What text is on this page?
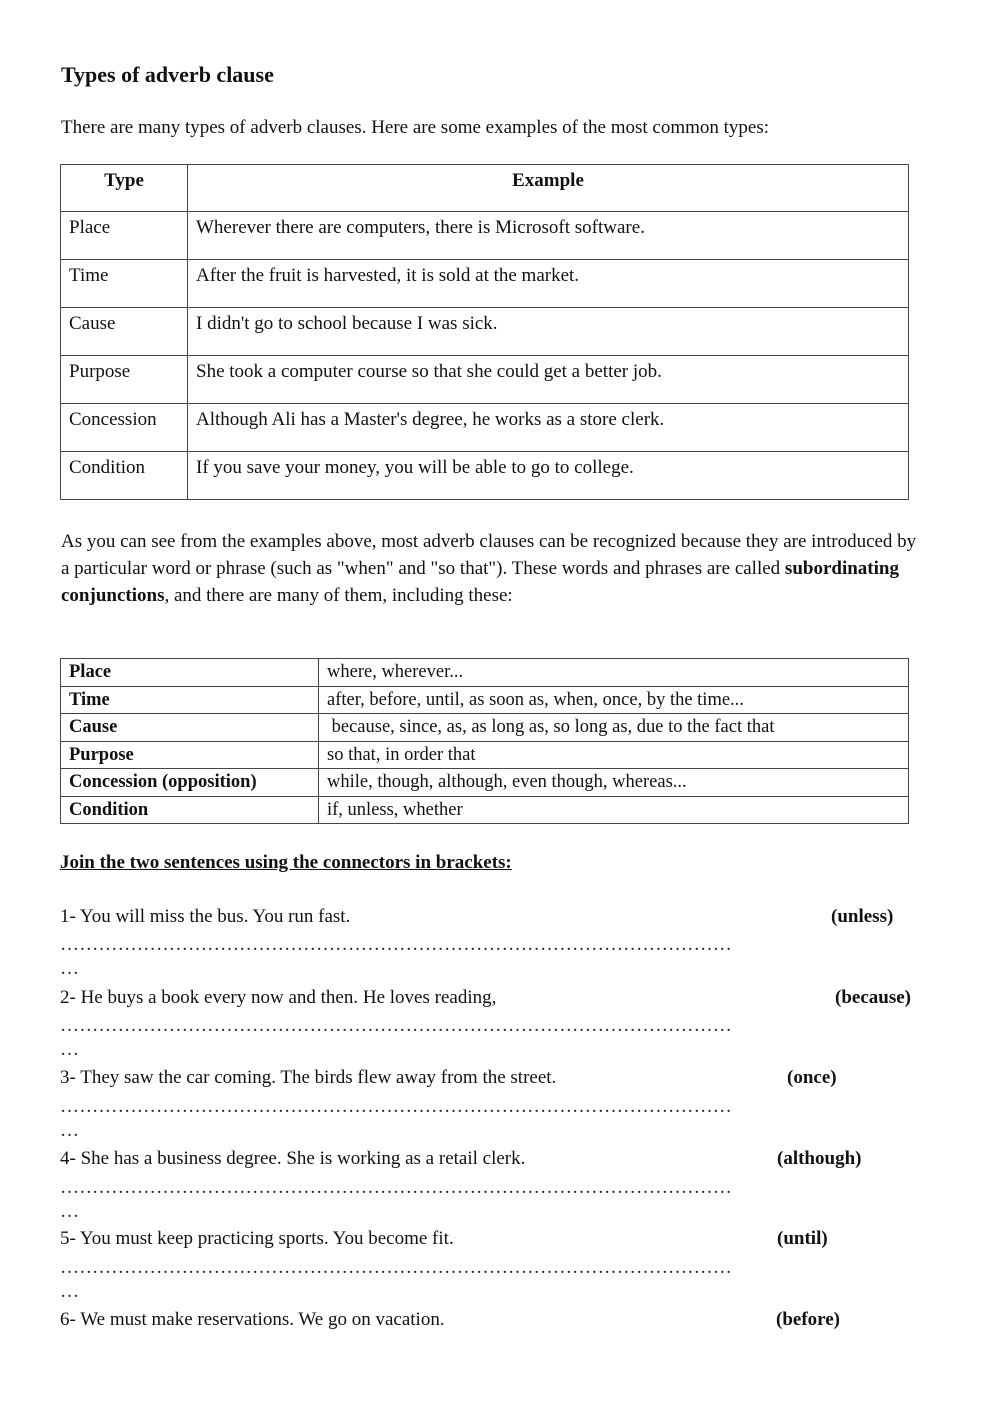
Types of adverb clause
There are many types of adverb clauses. Here are some examples of the most common types:
Type	Example
Place	Wherever there are computers, there is Microsoft software.
Time	After the fruit is harvested, it is sold at the market.
Cause	I didn't go to school because I was sick.
Purpose	She took a computer course so that she could get a better job.
Concession	Although Ali has a Master's degree, he works as a store clerk.
Condition	If you save your money, you will be able to go to college.
As you can see from the examples above, most adverb clauses can be recognized because they are introduced by a particular word or phrase (such as "when" and "so that"). These words and phrases are called subordinating conjunctions, and there are many of them, including these:
Place	where, wherever...
Time	after, before, until, as soon as, when, once, by the time...
Cause	because, since, as, as long as, so long as, due to the fact that
Purpose	so that, in order that
Concession (opposition)	while, though, although, even though, whereas...
Condition	if, unless, whether
Join the two sentences using the connectors in brackets:
1- You will miss the bus. You run fast.	(unless)
……………………………………………………………………………………………
…
2- He buys a book every now and then. He loves reading,	(because)
……………………………………………………………………………………………
…
3- They saw the car coming. The birds flew away from the street.	(once)
……………………………………………………………………………………………
…
4- She has a business degree. She is working as a retail clerk.	(although)
……………………………………………………………………………………………
…
5- You must keep practicing sports. You become fit.	(until)
……………………………………………………………………………………………
…
6- We must make reservations. We go on vacation.	(before)
